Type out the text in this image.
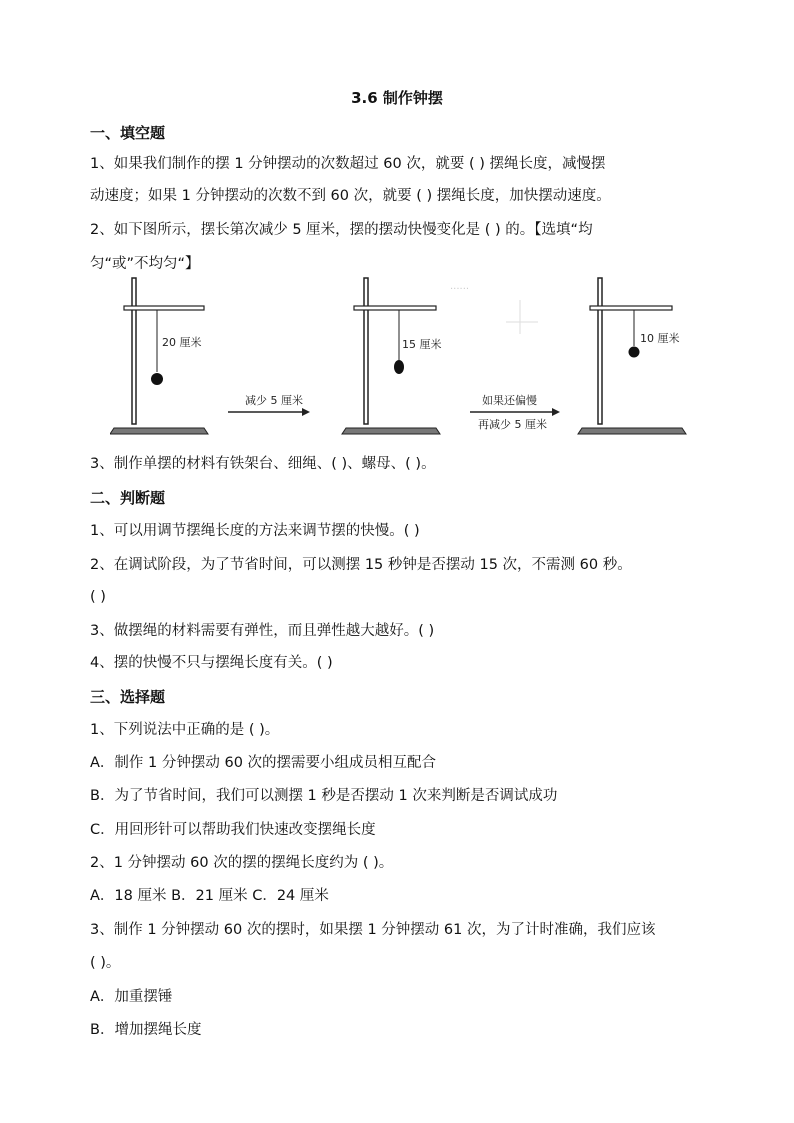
3.6 制作钟摆
一、填空题
1、如果我们制作的摆 1 分钟摆动的次数超过 60 次，就要 ( ) 摆绳长度，减慢摆
动速度；如果 1 分钟摆动的次数不到 60 次，就要 ( ) 摆绳长度，加快摆动速度。
2、如下图所示，摆长第次减少 5 厘米，摆的摆动快慢变化是 ( ) 的。【选填“均
匀“或”不均匀“】
20 厘米
减少 5 厘米
15 厘米
······
如果还偏慢
再减少 5 厘米
10 厘米
3、制作单摆的材料有铁架台、细绳、( )、螺母、( )。
二、判断题
1、可以用调节摆绳长度的方法来调节摆的快慢。( )
2、在调试阶段，为了节省时间，可以测摆 15 秒钟是否摆动 15 次，不需测 60 秒。
( )
3、做摆绳的材料需要有弹性，而且弹性越大越好。( )
4、摆的快慢不只与摆绳长度有关。( )
三、选择题
1、下列说法中正确的是 ( )。
A．制作 1 分钟摆动 60 次的摆需要小组成员相互配合
B．为了节省时间，我们可以测摆 1 秒是否摆动 1 次来判断是否调试成功
C．用回形针可以帮助我们快速改变摆绳长度
2、1 分钟摆动 60 次的摆的摆绳长度约为 ( )。
A．18 厘米 B．21 厘米 C．24 厘米
3、制作 1 分钟摆动 60 次的摆时，如果摆 1 分钟摆动 61 次，为了计时准确，我们应该
( )。
A．加重摆锤
B．增加摆绳长度
